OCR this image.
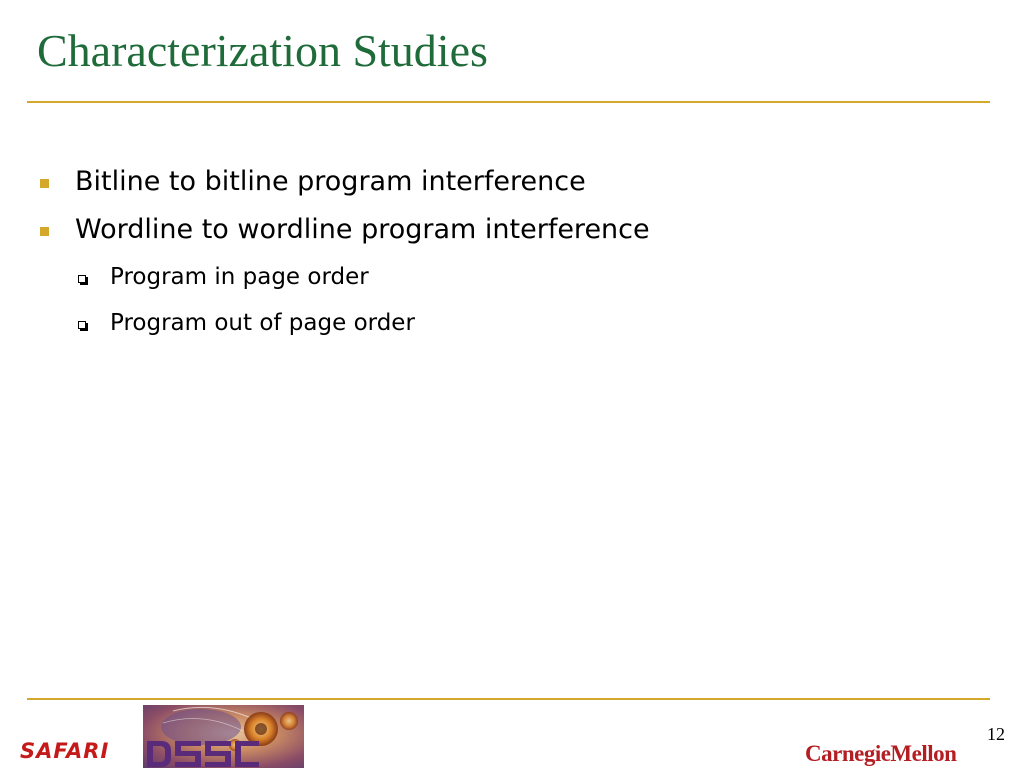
Characterization Studies
Bitline to bitline program interference
Wordline to wordline program interference
Program in page order
Program out of page order
SAFARI
12
CarnegieMellon
